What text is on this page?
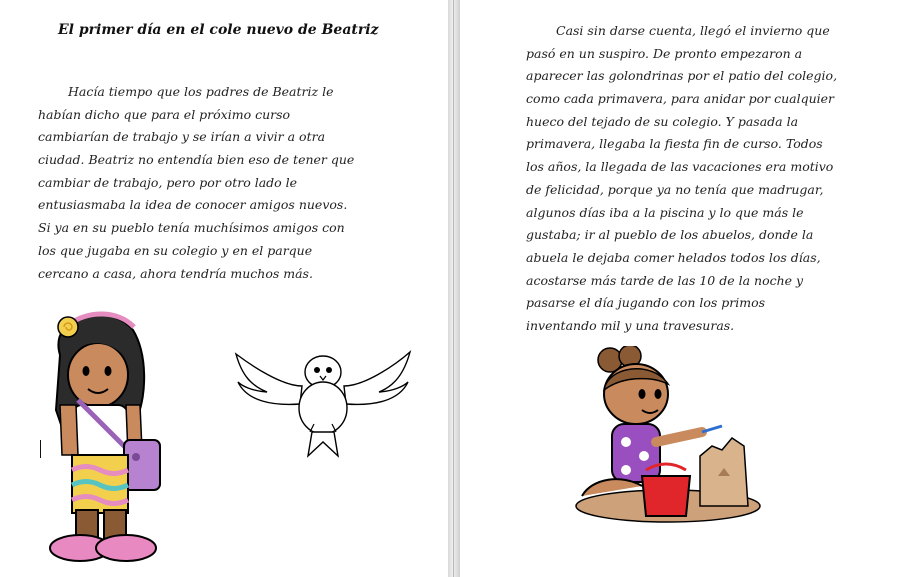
El primer día en el cole nuevo de Beatriz
Hacía tiempo que los padres de Beatriz le
habían dicho que para el próximo curso
cambiarían de trabajo y se irían a vivir a otra
ciudad. Beatriz no entendía bien eso de tener que
cambiar de trabajo, pero por otro lado le
entusiasmaba la idea de conocer amigos nuevos.
Si ya en su pueblo tenía muchísimos amigos con
los que jugaba en su colegio y en el parque
cercano a casa, ahora tendría muchos más.
Casi sin darse cuenta, llegó el invierno que
pasó en un suspiro. De pronto empezaron a
aparecer las golondrinas por el patio del colegio,
como cada primavera, para anidar por cualquier
hueco del tejado de su colegio. Y pasada la
primavera, llegaba la fiesta fin de curso. Todos
los años, la llegada de las vacaciones era motivo
de felicidad, porque ya no tenía que madrugar,
algunos días iba a la piscina y lo que más le
gustaba; ir al pueblo de los abuelos, donde la
abuela le dejaba comer helados todos los días,
acostarse más tarde de las 10 de la noche y
pasarse el día jugando con los primos
inventando mil y una travesuras.
